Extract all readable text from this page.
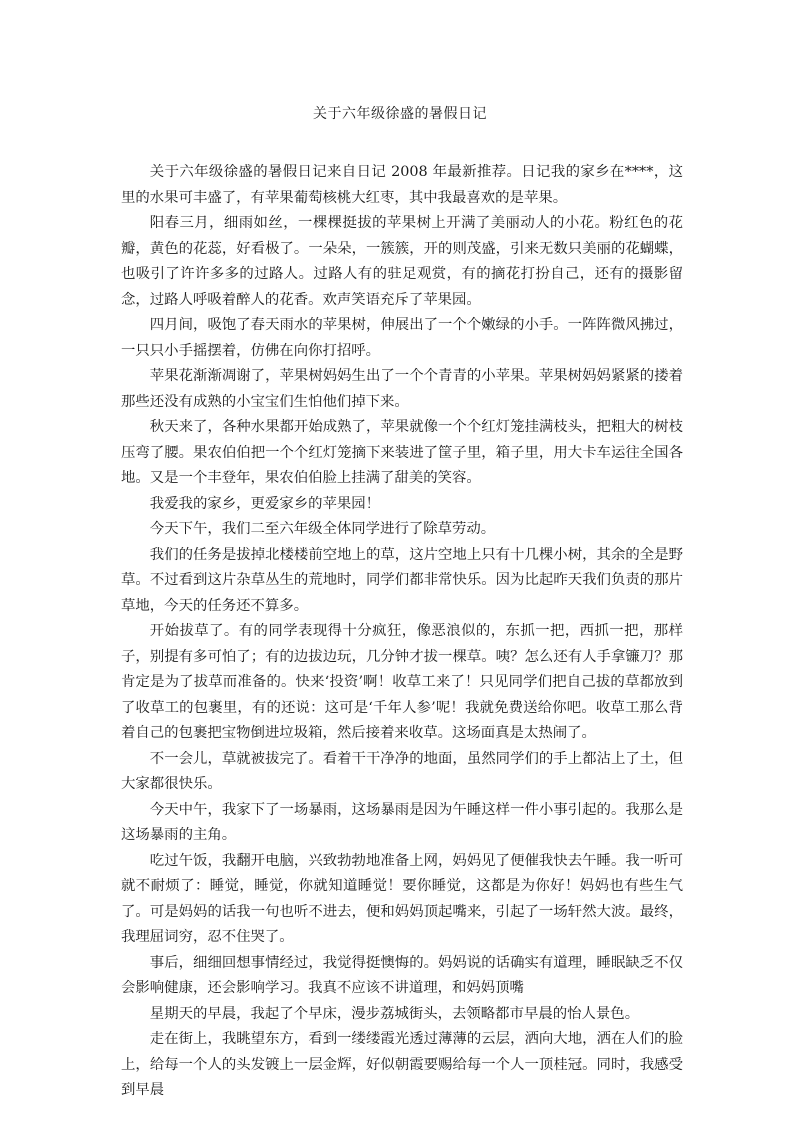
关于六年级徐盛的暑假日记

关于六年级徐盛的暑假日记来自日记 2008 年最新推荐。日记我的家乡在****，这里的水果可丰盛了，有苹果葡萄核桃大红枣，其中我最喜欢的是苹果。

阳春三月，细雨如丝，一棵棵挺拔的苹果树上开满了美丽动人的小花。粉红色的花瓣，黄色的花蕊，好看极了。一朵朵，一簇簇，开的则茂盛，引来无数只美丽的花蝴蝶，也吸引了许许多多的过路人。过路人有的驻足观赏，有的摘花打扮自己，还有的摄影留念，过路人呼吸着醉人的花香。欢声笑语充斥了苹果园。

四月间，吸饱了春天雨水的苹果树，伸展出了一个个嫩绿的小手。一阵阵微风拂过，一只只小手摇摆着，仿佛在向你打招呼。

苹果花渐渐凋谢了，苹果树妈妈生出了一个个青青的小苹果。苹果树妈妈紧紧的搂着那些还没有成熟的小宝宝们生怕他们掉下来。

秋天来了，各种水果都开始成熟了，苹果就像一个个红灯笼挂满枝头，把粗大的树枝压弯了腰。果农伯伯把一个个红灯笼摘下来装进了筐子里，箱子里，用大卡车运往全国各地。又是一个丰登年，果农伯伯脸上挂满了甜美的笑容。

我爱我的家乡，更爱家乡的苹果园！

今天下午，我们二至六年级全体同学进行了除草劳动。

我们的任务是拔掉北楼楼前空地上的草，这片空地上只有十几棵小树，其余的全是野草。不过看到这片杂草丛生的荒地时，同学们都非常快乐。因为比起昨天我们负责的那片草地，今天的任务还不算多。

开始拔草了。有的同学表现得十分疯狂，像恶浪似的，东抓一把，西抓一把，那样子，别提有多可怕了；有的边拔边玩，几分钟才拔一棵草。咦？怎么还有人手拿镰刀？那肯定是为了拔草而准备的。快来‘投资’啊！收草工来了！只见同学们把自己拔的草都放到了收草工的包裹里，有的还说：这可是‘千年人参’呢！我就免费送给你吧。收草工那么背着自己的包裹把宝物倒进垃圾箱，然后接着来收草。这场面真是太热闹了。

不一会儿，草就被拔完了。看着干干净净的地面，虽然同学们的手上都沾上了土，但大家都很快乐。

今天中午，我家下了一场暴雨，这场暴雨是因为午睡这样一件小事引起的。我那么是这场暴雨的主角。

吃过午饭，我翻开电脑，兴致勃勃地准备上网，妈妈见了便催我快去午睡。我一听可就不耐烦了：睡觉，睡觉，你就知道睡觉！要你睡觉，这都是为你好！妈妈也有些生气了。可是妈妈的话我一句也听不进去，便和妈妈顶起嘴来，引起了一场轩然大波。最终，我理屈词穷，忍不住哭了。

事后，细细回想事情经过，我觉得挺懊悔的。妈妈说的话确实有道理，睡眠缺乏不仅会影响健康，还会影响学习。我真不应该不讲道理，和妈妈顶嘴

星期天的早晨，我起了个早床，漫步荔城街头，去领略都市早晨的怡人景色。

走在街上，我眺望东方，看到一缕缕霞光透过薄薄的云层，洒向大地，洒在人们的脸上，给每一个人的头发镀上一层金辉，好似朝霞要赐给每一个人一顶桂冠。同时，我感受到早晨
